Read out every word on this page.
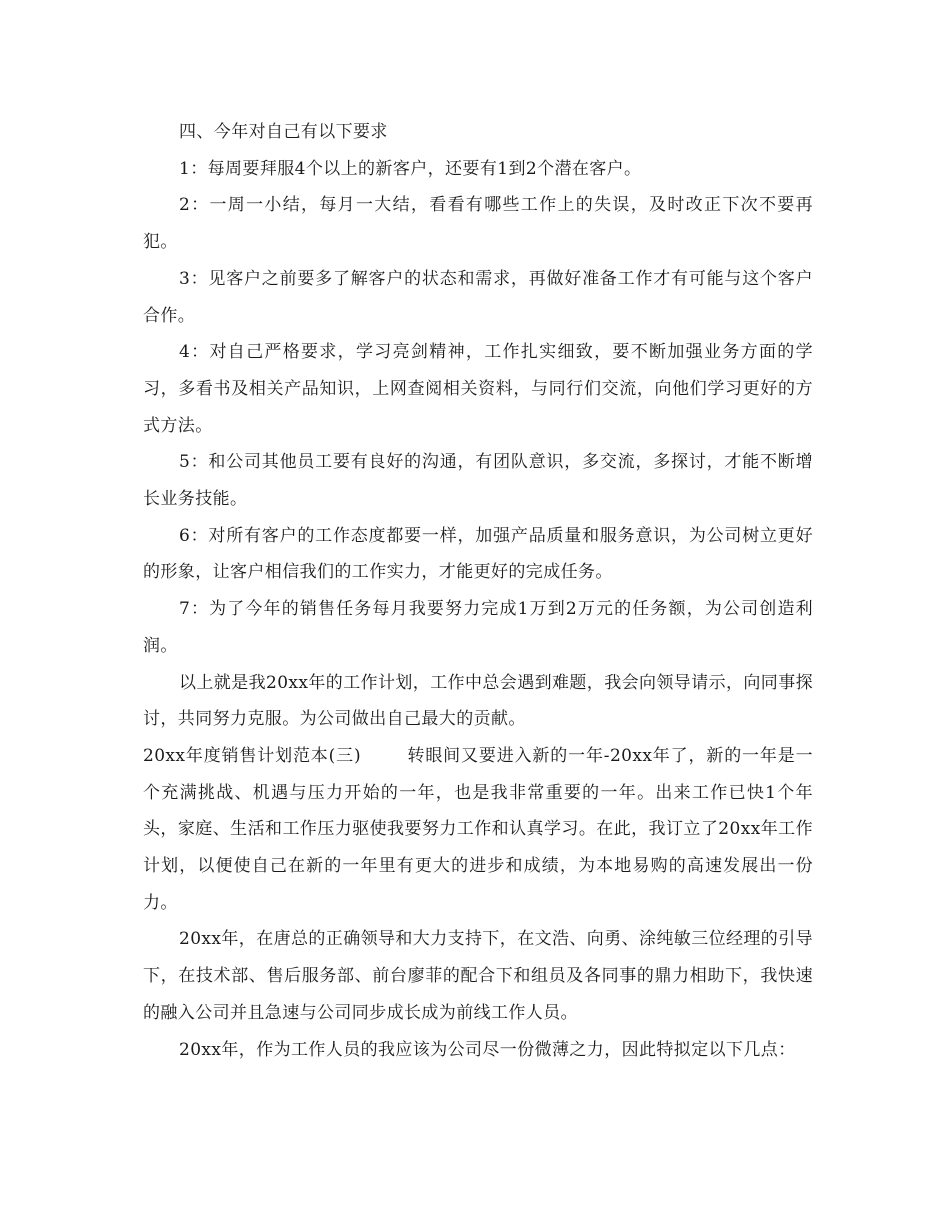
四、今年对自己有以下要求

1：每周要拜服4个以上的新客户，还要有1到2个潜在客户。

2：一周一小结，每月一大结，看看有哪些工作上的失误，及时改正下次不要再犯。

3：见客户之前要多了解客户的状态和需求，再做好准备工作才有可能与这个客户合作。

4：对自己严格要求，学习亮剑精神，工作扎实细致，要不断加强业务方面的学习，多看书及相关产品知识，上网查阅相关资料，与同行们交流，向他们学习更好的方式方法。

5：和公司其他员工要有良好的沟通，有团队意识，多交流，多探讨，才能不断增长业务技能。

6：对所有客户的工作态度都要一样，加强产品质量和服务意识，为公司树立更好的形象，让客户相信我们的工作实力，才能更好的完成任务。

7：为了今年的销售任务每月我要努力完成1万到2万元的任务额，为公司创造利润。

以上就是我20xx年的工作计划，工作中总会遇到难题，我会向领导请示，向同事探讨，共同努力克服。为公司做出自己最大的贡献。

20xx年度销售计划范本(三)	转眼间又要进入新的一年-20xx年了，新的一年是一个充满挑战、机遇与压力开始的一年，也是我非常重要的一年。出来工作已快1个年头，家庭、生活和工作压力驱使我要努力工作和认真学习。在此，我订立了20xx年工作计划，以便使自己在新的一年里有更大的进步和成绩，为本地易购的高速发展出一份力。

20xx年，在唐总的正确领导和大力支持下，在文浩、向勇、涂纯敏三位经理的引导下，在技术部、售后服务部、前台廖菲的配合下和组员及各同事的鼎力相助下，我快速的融入公司并且急速与公司同步成长成为前线工作人员。

20xx年，作为工作人员的我应该为公司尽一份微薄之力，因此特拟定以下几点：
